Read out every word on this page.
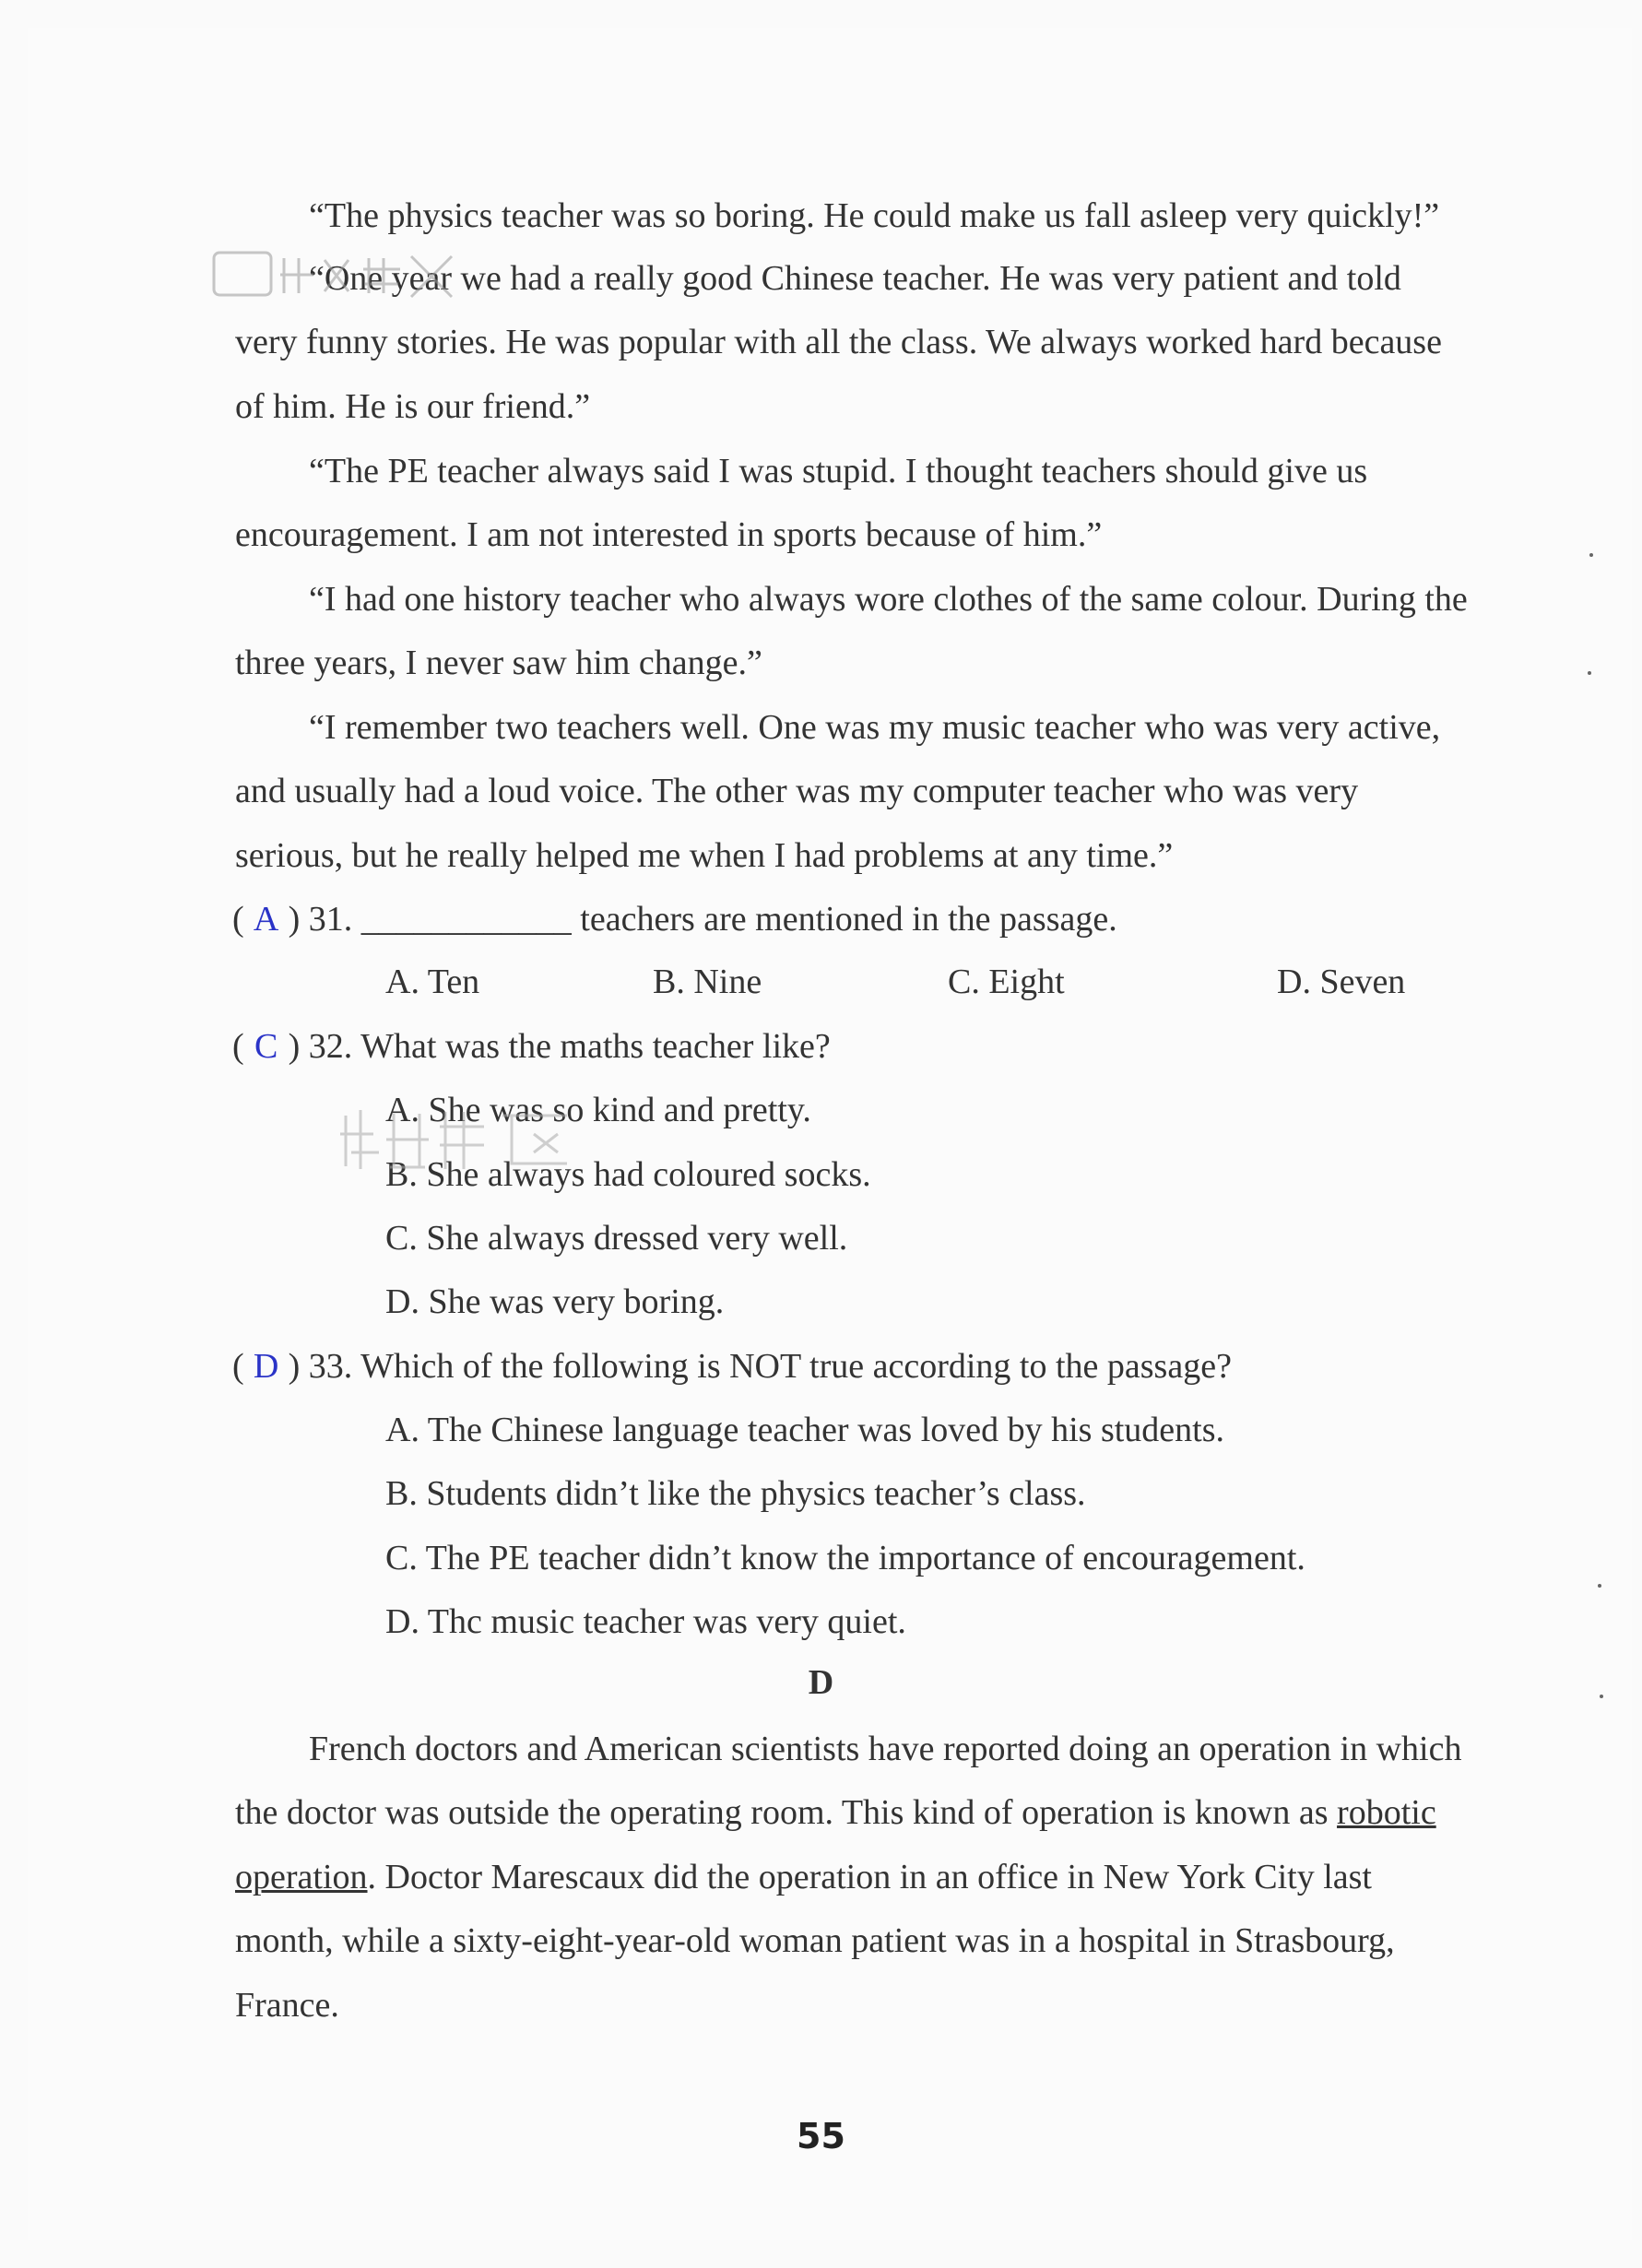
“The physics teacher was so boring. He could make us fall asleep very quickly!”

“One year we had a really good Chinese teacher. He was very patient and told very funny stories. He was popular with all the class. We always worked hard because of him. He is our friend.”

“The PE teacher always said I was stupid. I thought teachers should give us encouragement. I am not interested in sports because of him.”

“I had one history teacher who always wore clothes of the same colour. During the three years, I never saw him change.”

“I remember two teachers well. One was my music teacher who was very active, and usually had a loud voice. The other was my computer teacher who was very serious, but he really helped me when I had problems at any time.”

( A ) 31. ____________ teachers are mentioned in the passage.
A. Ten	B. Nine	C. Eight	D. Seven
( C ) 32. What was the maths teacher like?
A. She was so kind and pretty.
B. She always had coloured socks.
C. She always dressed very well.
D. She was very boring.
( D ) 33. Which of the following is NOT true according to the passage?
A. The Chinese language teacher was loved by his students.
B. Students didn’t like the physics teacher’s class.
C. The PE teacher didn’t know the importance of encouragement.
D. Thc music teacher was very quiet.
D

French doctors and American scientists have reported doing an operation in which the doctor was outside the operating room. This kind of operation is known as robotic operation. Doctor Marescaux did the operation in an office in New York City last month, while a sixty-eight-year-old woman patient was in a hospital in Strasbourg, France.

55
